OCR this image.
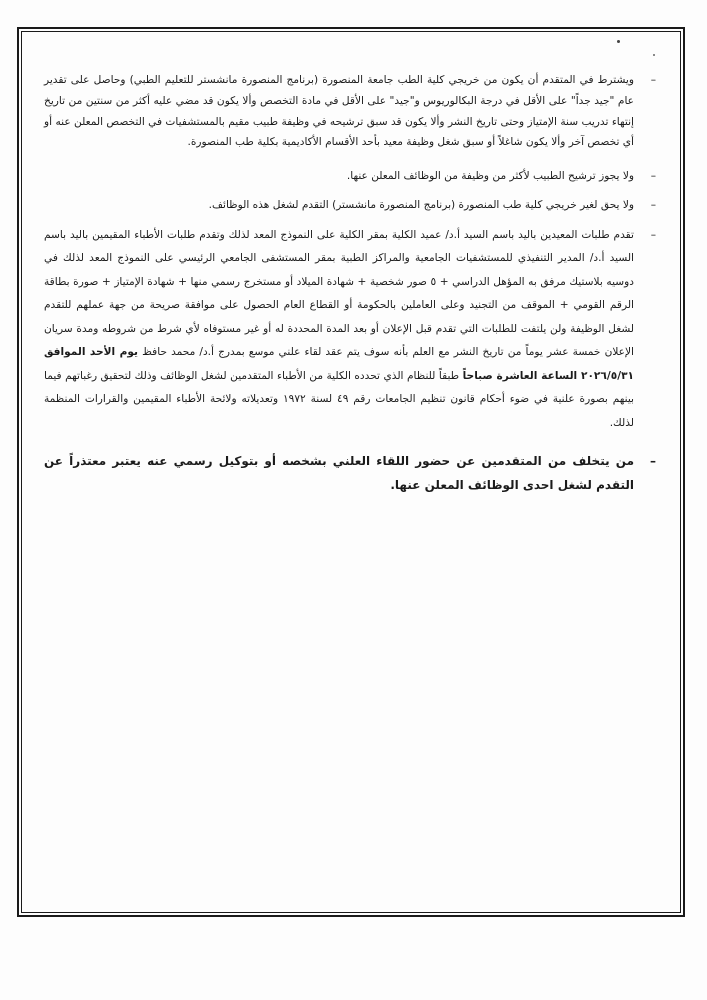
–
ويشترط في المتقدم أن يكون من خريجي كلية الطب جامعة المنصورة (برنامج المنصورة مانشستر للتعليم الطبي) وحاصل على تقدير عام "جيد جداً" على الأقل في درجة البكالوريوس و"جيد" على الأقل في مادة التخصص وألا يكون قد مضي عليه أكثر من سنتين من تاريخ إنتهاء تدريب سنة الإمتياز وحتى تاريخ النشر وألا يكون قد سبق ترشيحه في وظيفة طبيب مقيم بالمستشفيات في التخصص المعلن عنه أو أي تخصص آخر وألا يكون شاغلاً أو سبق شغل وظيفة معيد بأحد الأقسام الأكاديمية بكلية طب المنصورة.
–
ولا يجوز ترشيح الطبيب لأكثر من وظيفة من الوظائف المعلن عنها.
–
ولا يحق لغير خريجي كلية طب المنصورة (برنامج المنصورة مانشستر) التقدم لشغل هذه الوظائف.
–
تقدم طلبات المعيدين باليد باسم السيد أ.د/ عميد الكلية بمقر الكلية على النموذج المعد لذلك وتقدم طلبات الأطباء المقيمين باليد باسم السيد أ.د/ المدير التنفيذي للمستشفيات الجامعية والمراكز الطبية بمقر المستشفى الجامعي الرئيسي على النموذج المعد لذلك في دوسيه بلاستيك مرفق به المؤهل الدراسي + ٥ صور شخصية + شهادة الميلاد أو مستخرج رسمي منها + شهادة الإمتياز + صورة بطاقة الرقم القومي + الموقف من التجنيد وعلى العاملين بالحكومة أو القطاع العام الحصول على موافقة صريحة من جهة عملهم للتقدم لشغل الوظيفة ولن يلتفت للطلبات التي تقدم قبل الإعلان أو بعد المدة المحددة له أو غير مستوفاه لأي شرط من شروطه ومدة سريان الإعلان خمسة عشر يوماً من تاريخ النشر مع العلم بأنه سوف يتم عقد لقاء علني موسع بمدرج أ.د/ محمد حافظ يوم الأحد الموافق ٢٠٢٦/٥/٣١ الساعة العاشرة صباحاً طبقاً للنظام الذي تحدده الكلية من الأطباء المتقدمين لشغل الوظائف وذلك لتحقيق رغباتهم فيما بينهم بصورة علنية في ضوء أحكام قانون تنظيم الجامعات رقم ٤٩ لسنة ١٩٧٢ وتعديلاته ولائحة الأطباء المقيمين والقرارات المنظمة لذلك.
–
من يتخلف من المتقدمين عن حضور اللقاء العلني بشخصه أو بتوكيل رسمي عنه يعتبر معتذراً عن التقدم لشغل احدى الوظائف المعلن عنها.
